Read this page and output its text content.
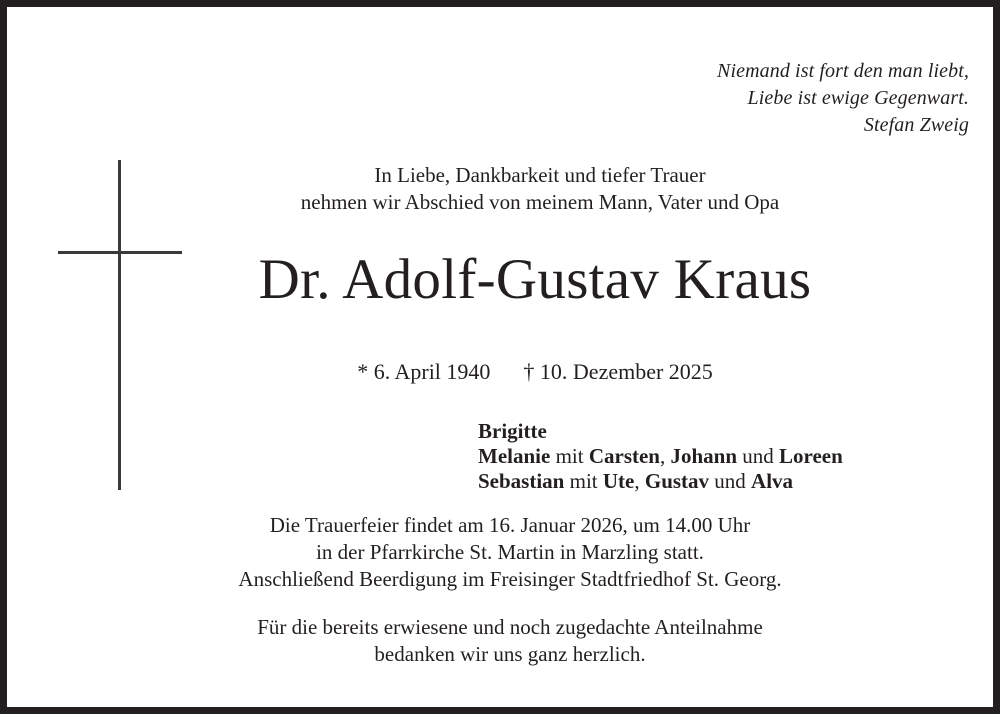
Niemand ist fort den man liebt,
Liebe ist ewige Gegenwart.
Stefan Zweig
In Liebe, Dankbarkeit und tiefer Trauer
nehmen wir Abschied von meinem Mann, Vater und Opa
Dr. Adolf-Gustav Kraus
* 6. April 1940 † 10. Dezember 2025
Brigitte
Melanie mit Carsten, Johann und Loreen
Sebastian mit Ute, Gustav und Alva
Die Trauerfeier findet am 16. Januar 2026, um 14.00 Uhr
in der Pfarrkirche St. Martin in Marzling statt.
Anschließend Beerdigung im Freisinger Stadtfriedhof St. Georg.
Für die bereits erwiesene und noch zugedachte Anteilnahme
bedanken wir uns ganz herzlich.
